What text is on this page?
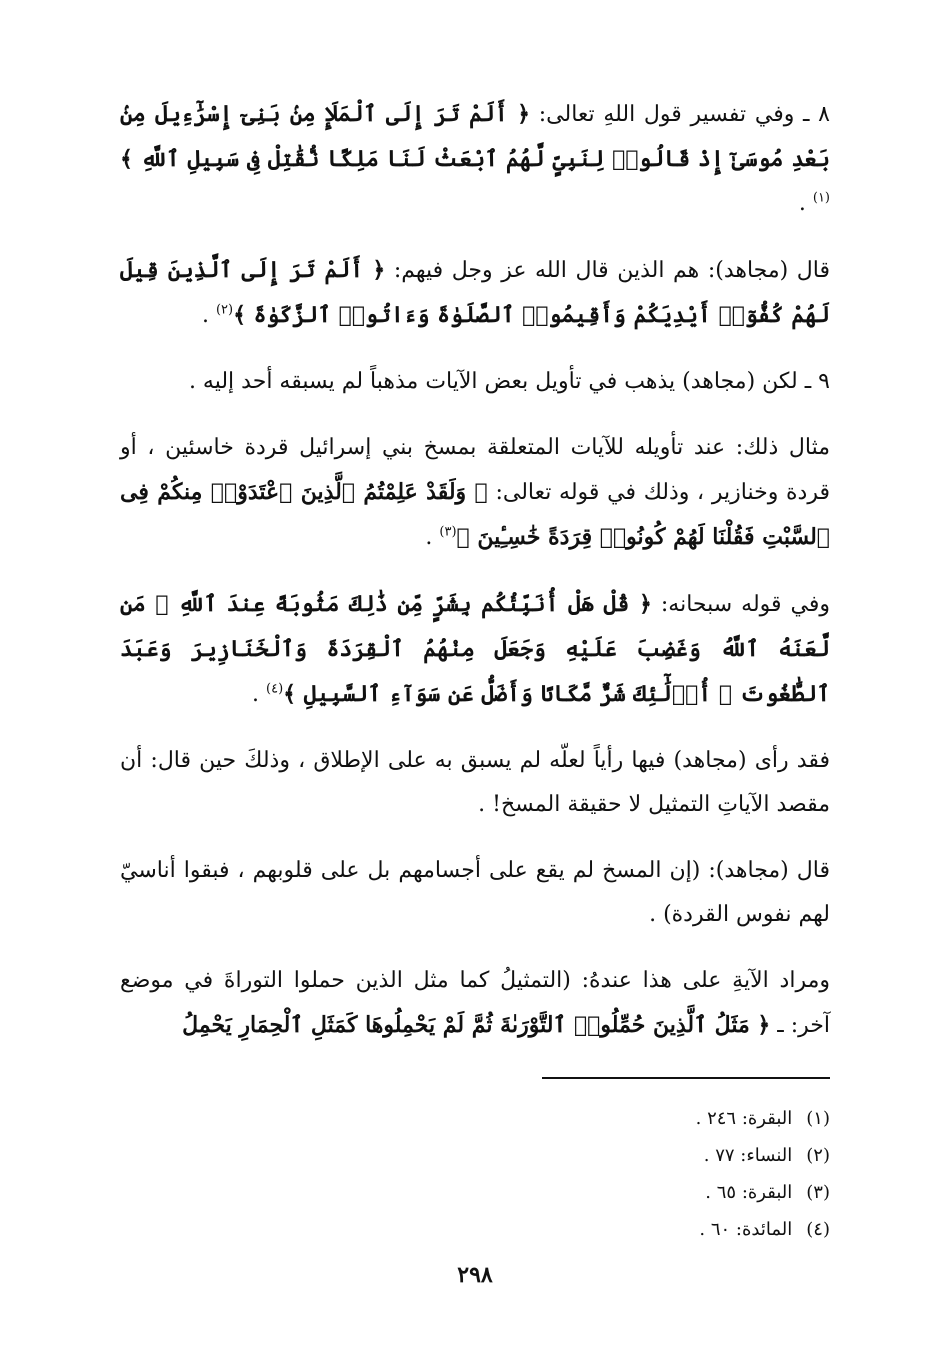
٨ ـ وفي تفسير قول اللهِ تعالى: ﴿ أَلَمْ تَرَ إِلَى ٱلْمَلَإِ مِنۢ بَنِىٓ إِسْرَٰٓءِيلَ مِنۢ بَعْدِ مُوسَىٰٓ إِذْ قَالُوا۟ لِنَبِىٍّ لَّهُمُ ٱبْعَثْ لَنَا مَلِكًا نُّقَٰتِلْ فِى سَبِيلِ ٱللَّهِ ﴾$^{(١)}$ .

قال (مجاهد): هم الذين قال الله عز وجل فيهم: ﴿ أَلَمْ تَرَ إِلَى ٱلَّذِينَ قِيلَ لَهُمْ كُفُّوٓا۟ أَيْدِيَكُمْ وَأَقِيمُوا۟ ٱلصَّلَوٰةَ وَءَاتُوا۟ ٱلزَّكَوٰةَ ﴾$^{(٢)}$ .

٩ ـ لكن (مجاهد) يذهب في تأويل بعض الآيات مذهباً لم يسبقه أحد إليه .

مثال ذلك: عند تأويله للآيات المتعلقة بمسخ بني إسرائيل قردة خاسئين ، أو قردة وخنازير ، وذلك في قوله تعالى: ﴿ وَلَقَدْ عَلِمْتُمُ ٱلَّذِينَ ٱعْتَدَوْا۟ مِنكُمْ فِى ٱلسَّبْتِ فَقُلْنَا لَهُمْ كُونُوا۟ قِرَدَةً خَٰسِـِٔينَ ﴾$^{(٣)}$ .

وفي قوله سبحانه: ﴿ قُلْ هَلْ أُنَبِّئُكُم بِشَرٍّ مِّن ذَٰلِكَ مَثُوبَةً عِندَ ٱللَّهِ ۚ مَن لَّعَنَهُ ٱللَّهُ وَغَضِبَ عَلَيْهِ وَجَعَلَ مِنْهُمُ ٱلْقِرَدَةَ وَٱلْخَنَازِيرَ وَعَبَدَ ٱلطَّٰغُوتَ ۚ أُو۟لَٰٓئِكَ شَرٌّ مَّكَانًا وَأَضَلُّ عَن سَوَآءِ ٱلسَّبِيلِ ﴾$^{(٤)}$ .

فقد رأى (مجاهد) فيها رأياً لعلّه لم يسبق به على الإطلاق ، وذلكَ حين قال: أن مقصد الآياتِ التمثيل لا حقيقة المسخ! .

قال (مجاهد): (إن المسخ لم يقع على أجسامهم بل على قلوبهم ، فبقوا أناسيّ لهم نفوس القردة) .

ومراد الآيةِ على هذا عندهُ: (التمثيلُ كما مثل الذين حملوا التوراةَ في موضع آخر: ـ ﴿ مَثَلُ ٱلَّذِينَ حُمِّلُوا۟ ٱلتَّوْرَىٰةَ ثُمَّ لَمْ يَحْمِلُوهَا كَمَثَلِ ٱلْحِمَارِ يَحْمِلُ

(١)البقرة: ٢٤٦ .
(٢)النساء: ٧٧ .
(٣)البقرة: ٦٥ .
(٤)المائدة: ٦٠ .
٢٩٨
